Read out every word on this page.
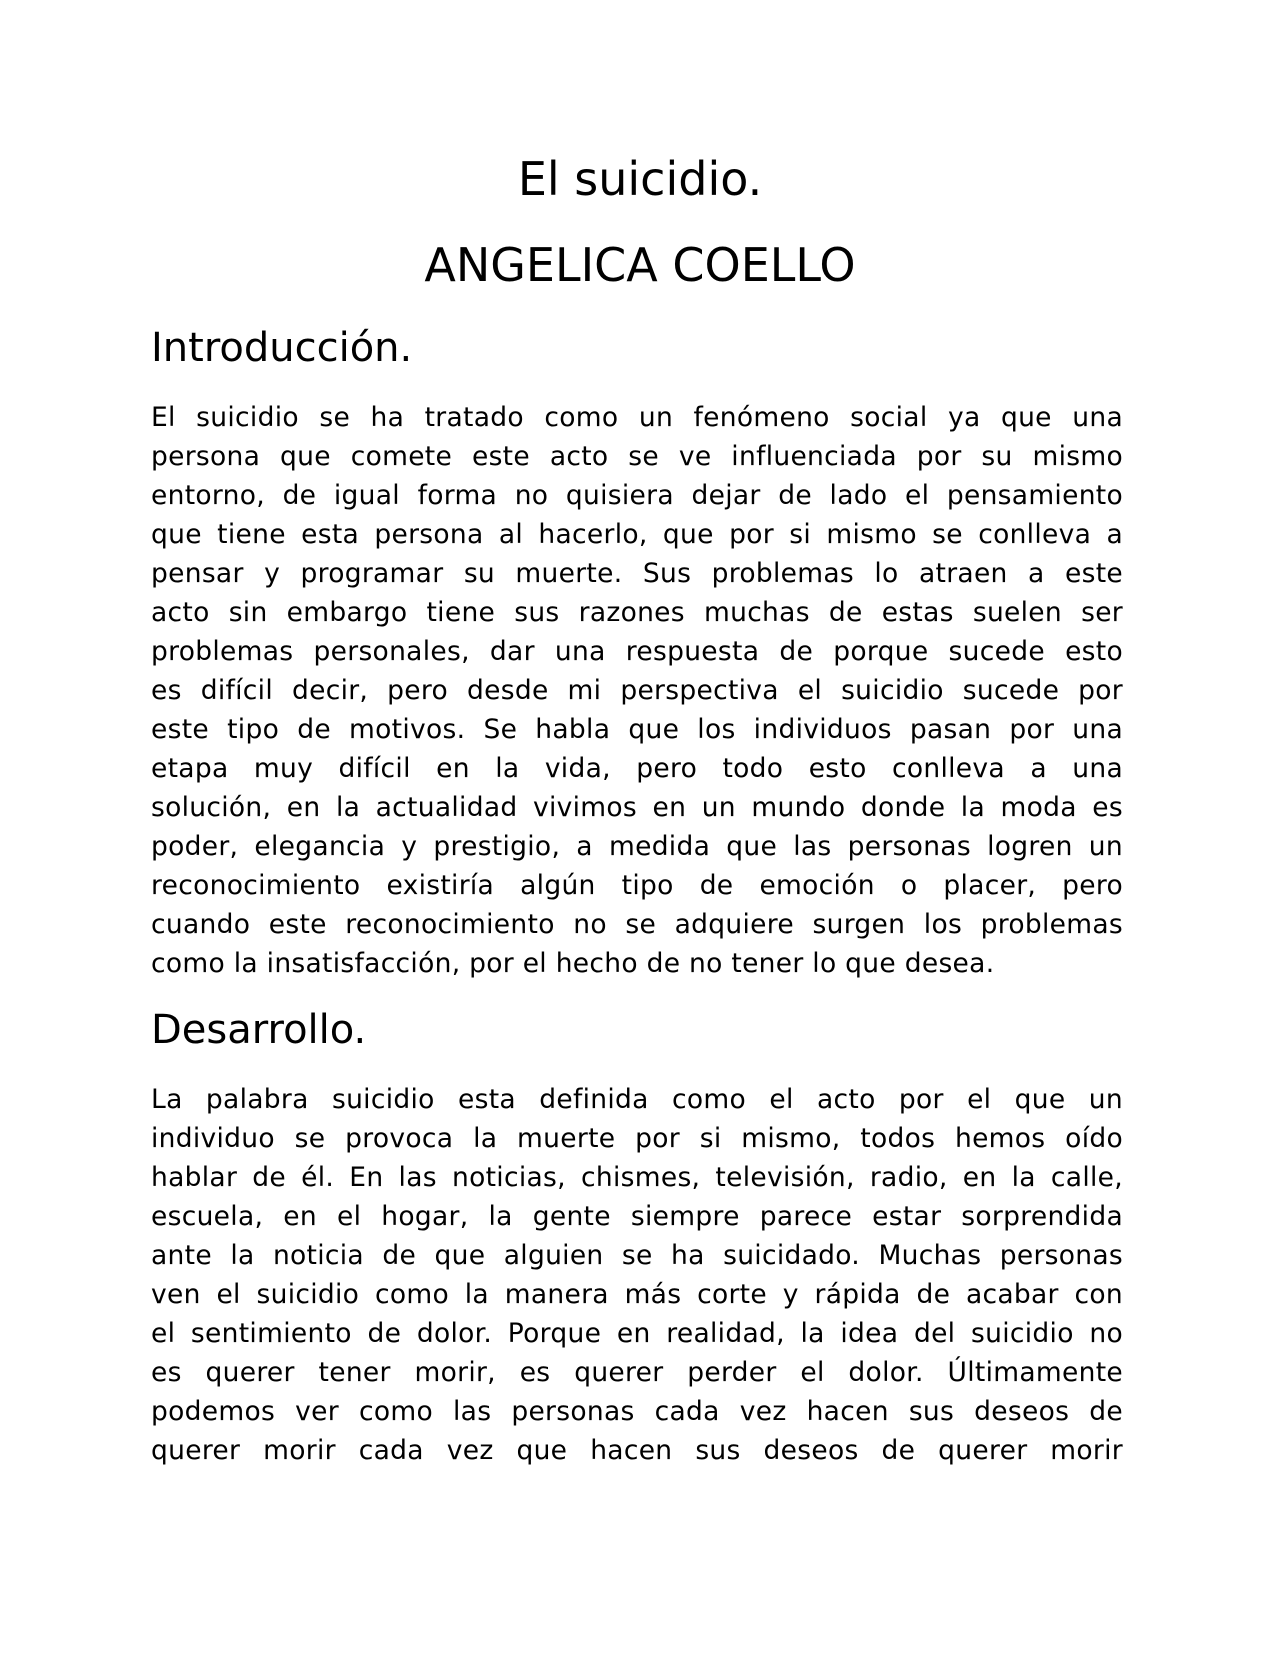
El suicidio.
ANGELICA COELLO
Introducción.
El suicidio se ha tratado como un fenómeno social ya que una
persona que comete este acto se ve influenciada por su mismo
entorno, de igual forma no quisiera dejar de lado el pensamiento
que tiene esta persona al hacerlo, que por si mismo se conlleva a
pensar y programar su muerte. Sus problemas lo atraen a este
acto sin embargo tiene sus razones muchas de estas suelen ser
problemas personales, dar una respuesta de porque sucede esto
es difícil decir, pero desde mi perspectiva el suicidio sucede por
este tipo de motivos. Se habla que los individuos pasan por una
etapa muy difícil en la vida, pero todo esto conlleva a una
solución, en la actualidad vivimos en un mundo donde la moda es
poder, elegancia y prestigio, a medida que las personas logren un
reconocimiento existiría algún tipo de emoción o placer, pero
cuando este reconocimiento no se adquiere surgen los problemas
como la insatisfacción, por el hecho de no tener lo que desea.
Desarrollo.
La palabra suicidio esta definida como el acto por el que un
individuo se provoca la muerte por si mismo, todos hemos oído
hablar de él. En las noticias, chismes, televisión, radio, en la calle,
escuela, en el hogar, la gente siempre parece estar sorprendida
ante la noticia de que alguien se ha suicidado. Muchas personas
ven el suicidio como la manera más corte y rápida de acabar con
el sentimiento de dolor. Porque en realidad, la idea del suicidio no
es querer tener morir, es querer perder el dolor. Últimamente
podemos ver como las personas cada vez hacen sus deseos de
querer morir cada vez que hacen sus deseos de querer morir
